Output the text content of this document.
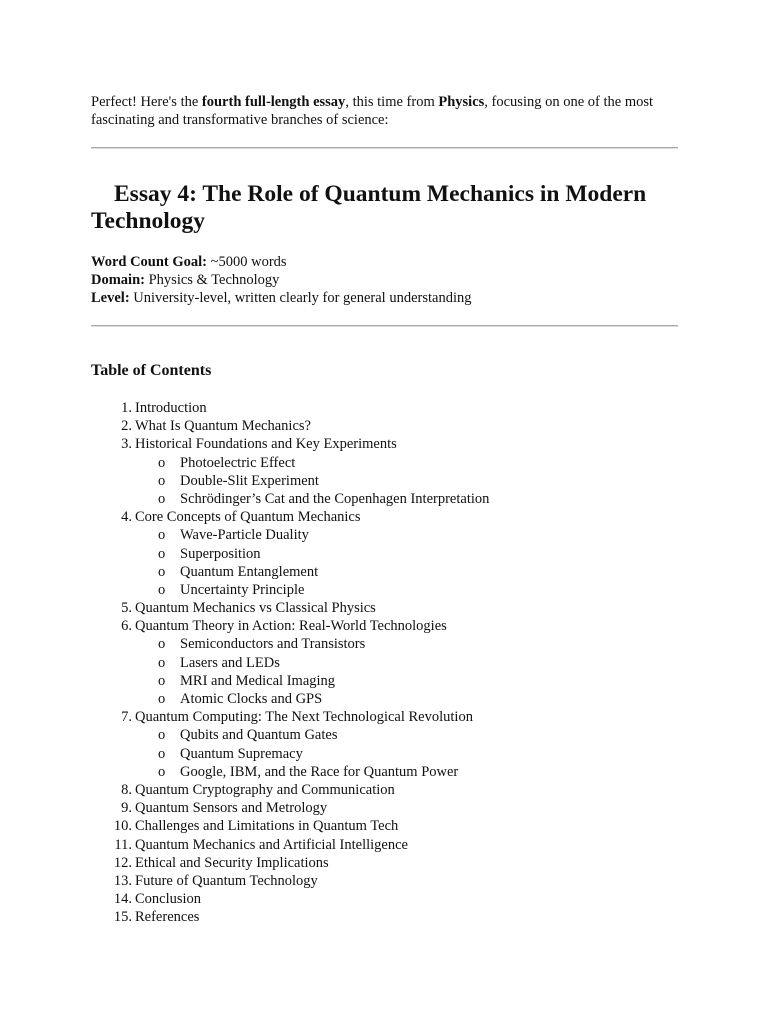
Perfect! Here's the fourth full-length essay, this time from Physics, focusing on one of the most fascinating and transformative branches of science:

Essay 4: The Role of Quantum Mechanics in Modern Technology
Word Count Goal: ~5000 words
Domain: Physics & Technology
Level: University-level, written clearly for general understanding
Table of Contents
1. Introduction
2. What Is Quantum Mechanics?
3. Historical Foundations and Key Experiments
o Photoelectric Effect
o Double-Slit Experiment
o Schrödinger’s Cat and the Copenhagen Interpretation
4. Core Concepts of Quantum Mechanics
o Wave-Particle Duality
o Superposition
o Quantum Entanglement
o Uncertainty Principle
5. Quantum Mechanics vs Classical Physics
6. Quantum Theory in Action: Real-World Technologies
o Semiconductors and Transistors
o Lasers and LEDs
o MRI and Medical Imaging
o Atomic Clocks and GPS
7. Quantum Computing: The Next Technological Revolution
o Qubits and Quantum Gates
o Quantum Supremacy
o Google, IBM, and the Race for Quantum Power
8. Quantum Cryptography and Communication
9. Quantum Sensors and Metrology
10. Challenges and Limitations in Quantum Tech
11. Quantum Mechanics and Artificial Intelligence
12. Ethical and Security Implications
13. Future of Quantum Technology
14. Conclusion
15. References
